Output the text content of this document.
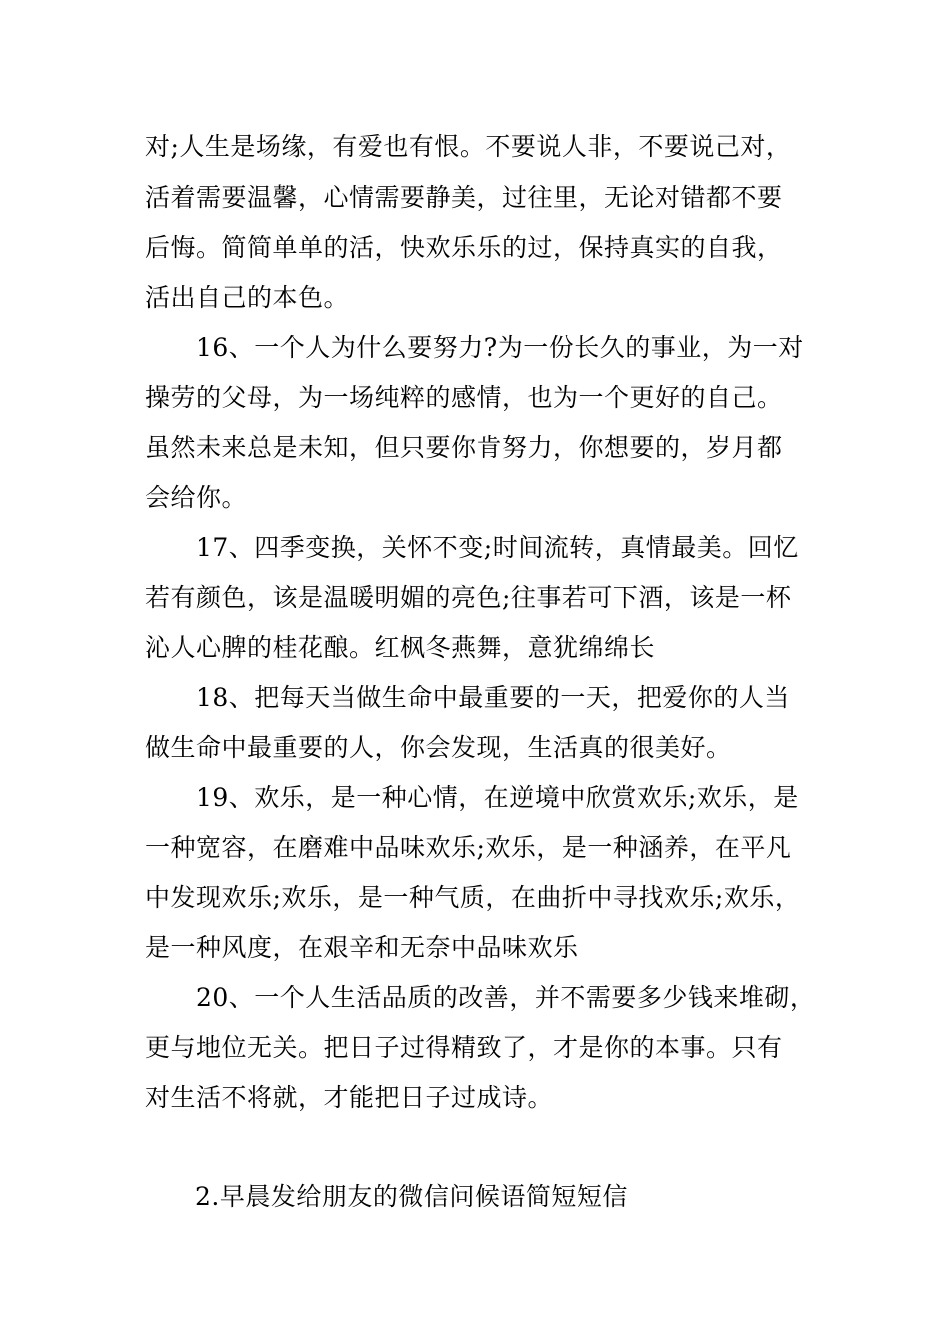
对;人生是场缘，有爱也有恨。不要说人非，不要说己对，
活着需要温馨，心情需要静美，过往里，无论对错都不要
后悔。简简单单的活，快欢乐乐的过，保持真实的自我，
活出自己的本色。
16、一个人为什么要努力?为一份长久的事业，为一对
操劳的父母，为一场纯粹的感情，也为一个更好的自己。
虽然未来总是未知，但只要你肯努力，你想要的，岁月都
会给你。
17、四季变换，关怀不变;时间流转，真情最美。回忆
若有颜色，该是温暖明媚的亮色;往事若可下酒，该是一杯
沁人心脾的桂花酿。红枫冬燕舞，意犹绵绵长
18、把每天当做生命中最重要的一天，把爱你的人当
做生命中最重要的人，你会发现，生活真的很美好。
19、欢乐，是一种心情，在逆境中欣赏欢乐;欢乐，是
一种宽容，在磨难中品味欢乐;欢乐，是一种涵养，在平凡
中发现欢乐;欢乐，是一种气质，在曲折中寻找欢乐;欢乐，
是一种风度，在艰辛和无奈中品味欢乐
20、一个人生活品质的改善，并不需要多少钱来堆砌，
更与地位无关。把日子过得精致了，才是你的本事。只有
对生活不将就，才能把日子过成诗。
2.早晨发给朋友的微信问候语简短短信
